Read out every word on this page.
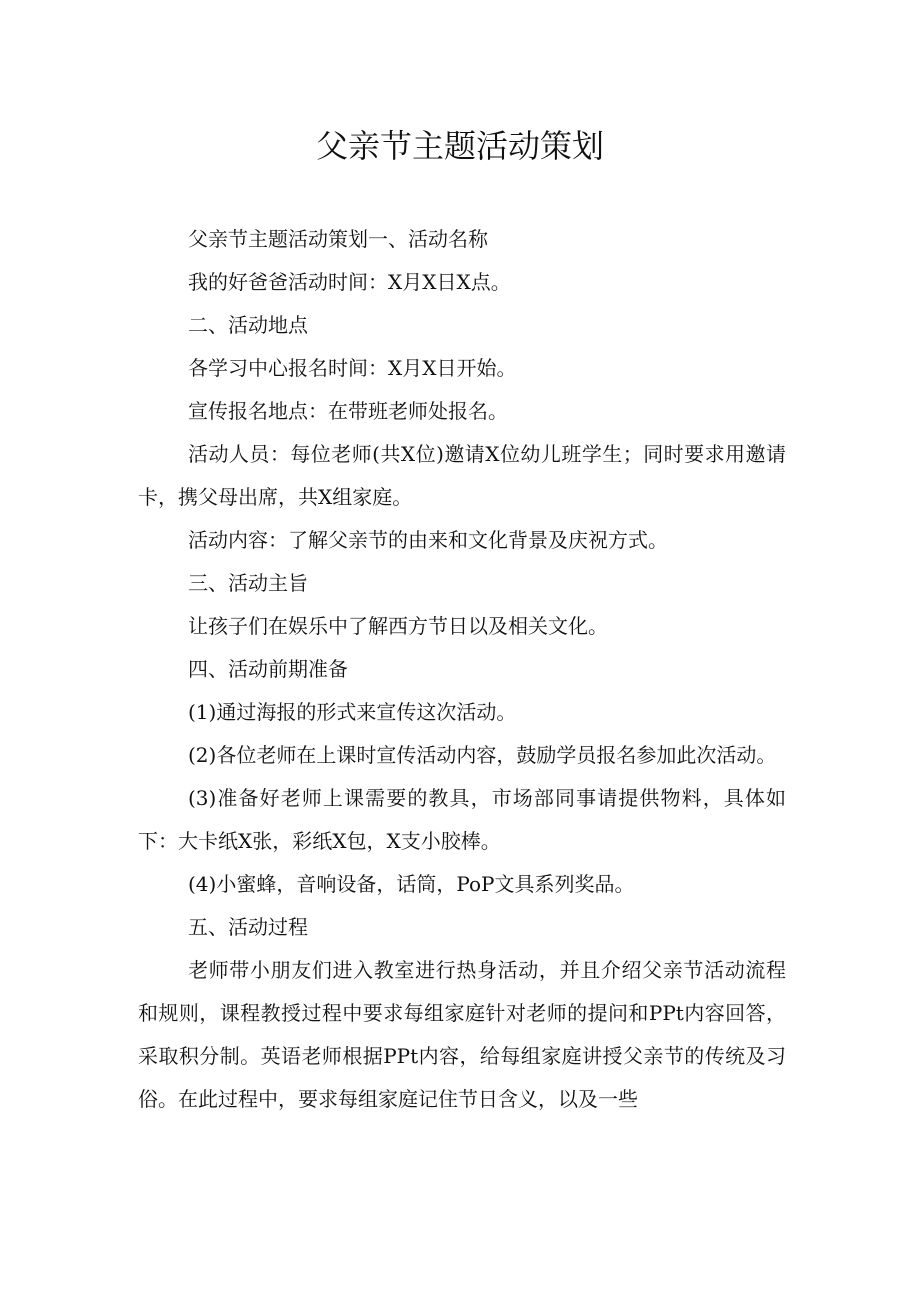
父亲节主题活动策划

父亲节主题活动策划一、活动名称

我的好爸爸活动时间：X月X日X点。

二、活动地点

各学习中心报名时间：X月X日开始。

宣传报名地点：在带班老师处报名。

活动人员：每位老师(共X位)邀请X位幼儿班学生；同时要求用邀请卡，携父母出席，共X组家庭。

活动内容：了解父亲节的由来和文化背景及庆祝方式。

三、活动主旨

让孩子们在娱乐中了解西方节日以及相关文化。

四、活动前期准备

(1)通过海报的形式来宣传这次活动。

(2)各位老师在上课时宣传活动内容，鼓励学员报名参加此次活动。

(3)准备好老师上课需要的教具，市场部同事请提供物料，具体如下：大卡纸X张，彩纸X包，X支小胶棒。

(4)小蜜蜂，音响设备，话筒，PoP文具系列奖品。

五、活动过程

老师带小朋友们进入教室进行热身活动，并且介绍父亲节活动流程和规则，课程教授过程中要求每组家庭针对老师的提问和PPt内容回答，采取积分制。英语老师根据PPt内容，给每组家庭讲授父亲节的传统及习俗。在此过程中，要求每组家庭记住节日含义，以及一些
